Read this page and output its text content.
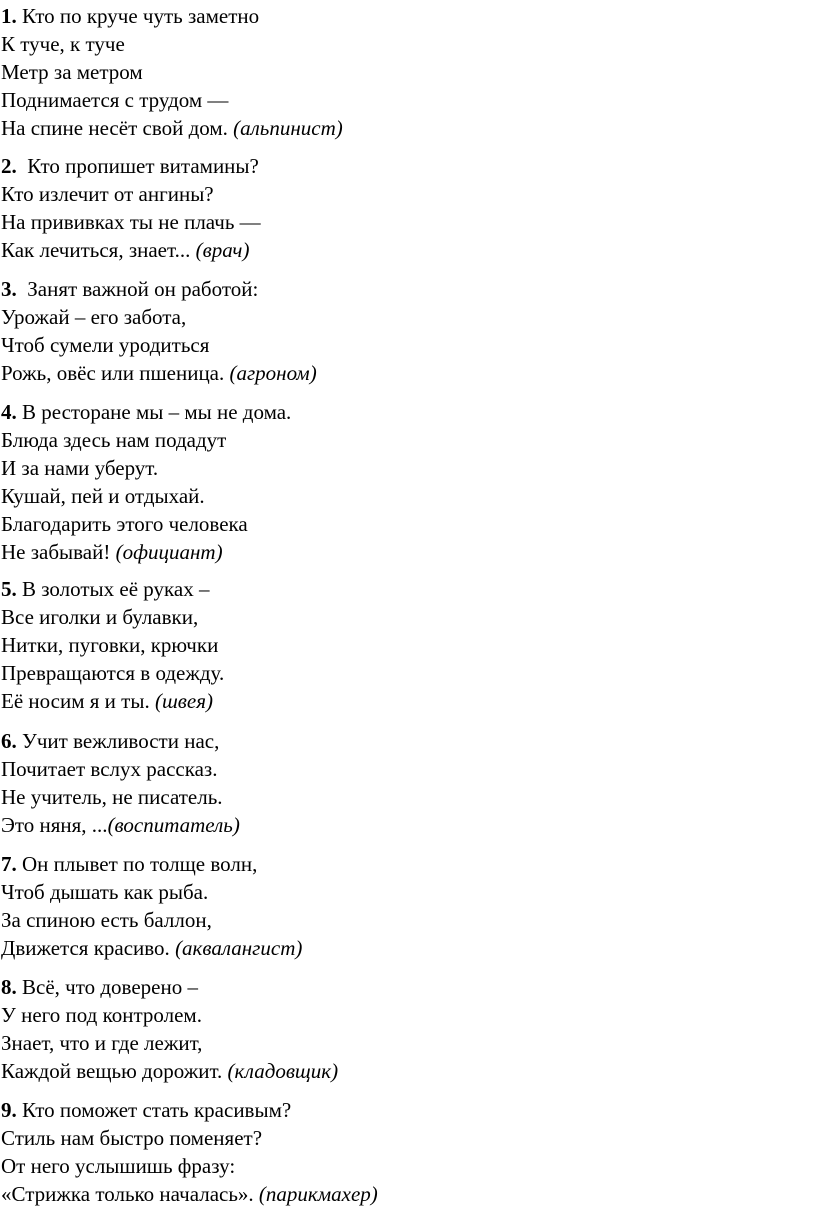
1. Кто по круче чуть заметно
К туче, к туче
Метр за метром
Поднимается с трудом —
На спине несёт свой дом. (альпинист)
2. Кто пропишет витамины?
Кто излечит от ангины?
На прививках ты не плачь —
Как лечиться, знает... (врач)
3. Занят важной он работой:
Урожай – его забота,
Чтоб сумели уродиться
Рожь, овёс или пшеница. (агроном)
4. В ресторане мы – мы не дома.
Блюда здесь нам подадут
И за нами уберут.
Кушай, пей и отдыхай.
Благодарить этого человека
Не забывай! (официант)
5. В золотых её руках –
Все иголки и булавки,
Нитки, пуговки, крючки
Превращаются в одежду.
Её носим я и ты. (швея)
6. Учит вежливости нас,
Почитает вслух рассказ.
Не учитель, не писатель.
Это няня, ...(воспитатель)
7. Он плывет по толще волн,
Чтоб дышать как рыба.
За спиною есть баллон,
Движется красиво. (аквалангист)
8. Всё, что доверено –
У него под контролем.
Знает, что и где лежит,
Каждой вещью дорожит. (кладовщик)
9. Кто поможет стать красивым?
Стиль нам быстро поменяет?
От него услышишь фразу:
«Стрижка только началась». (парикмахер)
